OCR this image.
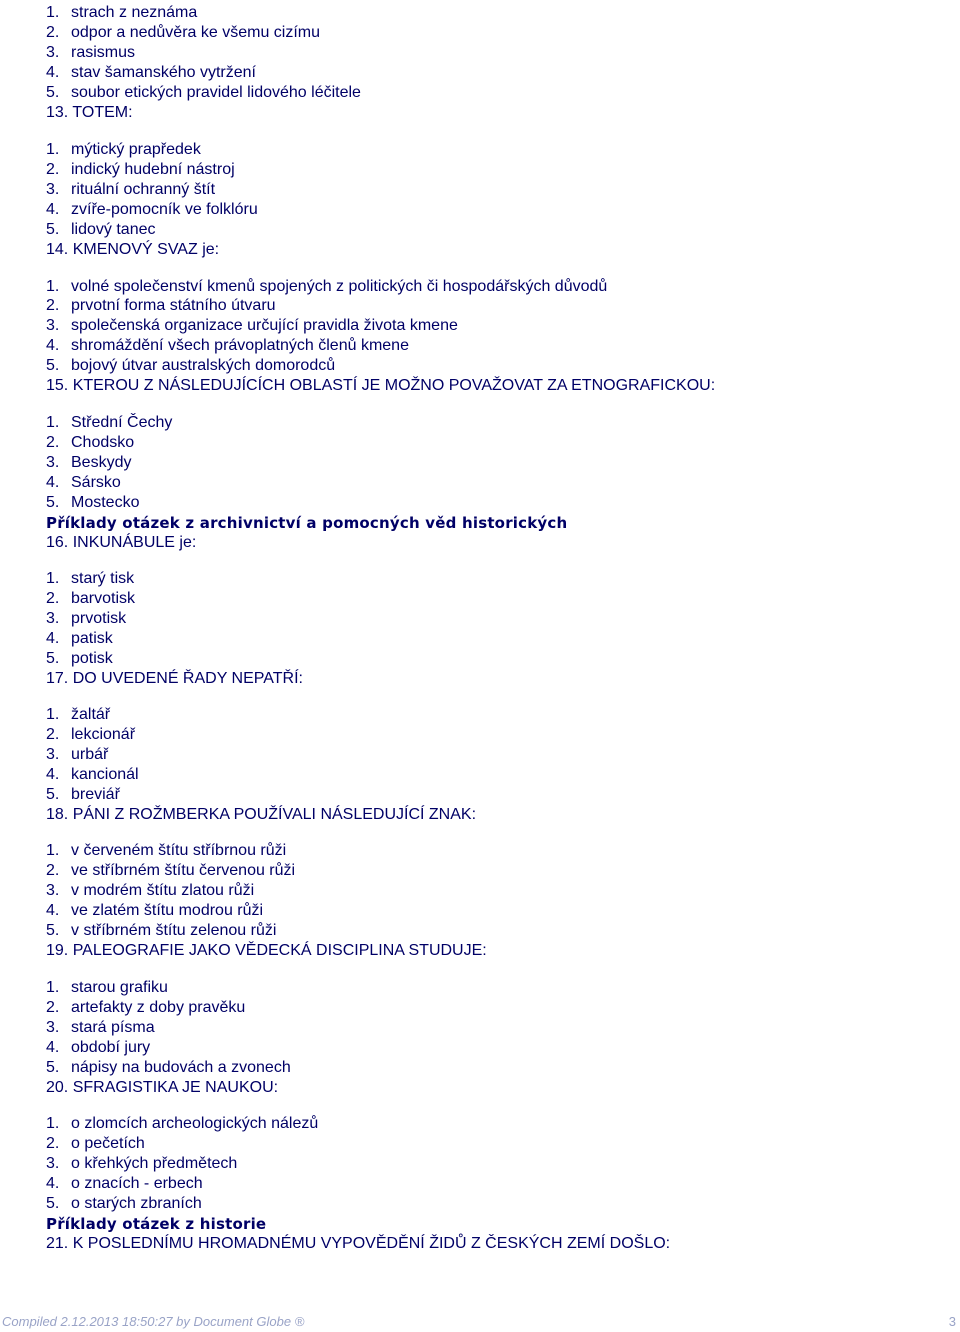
1. strach z neznáma
2. odpor a nedůvěra ke všemu cizímu
3. rasismus
4. stav šamanského vytržení
5. soubor etických pravidel lidového léčitele
13. TOTEM:
1. mýtický prapředek
2. indický hudební nástroj
3. rituální ochranný štít
4. zvíře-pomocník ve folklóru
5. lidový tanec
14. KMENOVÝ SVAZ je:
1. volné společenství kmenů spojených z politických či hospodářských důvodů
2. prvotní forma státního útvaru
3. společenská organizace určující pravidla života kmene
4. shromáždění všech právoplatných členů kmene
5. bojový útvar australských domorodců
15. KTEROU Z NÁSLEDUJÍCÍCH OBLASTÍ JE MOŽNO POVAŽOVAT ZA ETNOGRAFICKOU:
1. Střední Čechy
2. Chodsko
3. Beskydy
4. Sársko
5. Mostecko
Příklady otázek z archivnictví a pomocných věd historických
16. INKUNÁBULE je:
1. starý tisk
2. barvotisk
3. prvotisk
4. patisk
5. potisk
17. DO UVEDENÉ ŘADY NEPATŘÍ:
1. žaltář
2. lekcionář
3. urbář
4. kancionál
5. breviář
18. PÁNI Z ROŽMBERKA POUŽÍVALI NÁSLEDUJÍCÍ ZNAK:
1. v červeném štítu stříbrnou růži
2. ve stříbrném štítu červenou růži
3. v modrém štítu zlatou růži
4. ve zlatém štítu modrou růži
5. v stříbrném štítu zelenou růži
19. PALEOGRAFIE JAKO VĚDECKÁ DISCIPLINA STUDUJE:
1. starou grafiku
2. artefakty z doby pravěku
3. stará písma
4. období jury
5. nápisy na budovách a zvonech
20. SFRAGISTIKA JE NAUKOU:
1. o zlomcích archeologických nálezů
2. o pečetích
3. o křehkých předmětech
4. o znacích - erbech
5. o starých zbraních
Příklady otázek z historie
21. K POSLEDNÍMU HROMADNÉMU VYPOVĚDĚNÍ ŽIDŮ Z ČESKÝCH ZEMÍ DOŠLO:
Compiled 2.12.2013 18:50:27 by Document Globe ®	3
